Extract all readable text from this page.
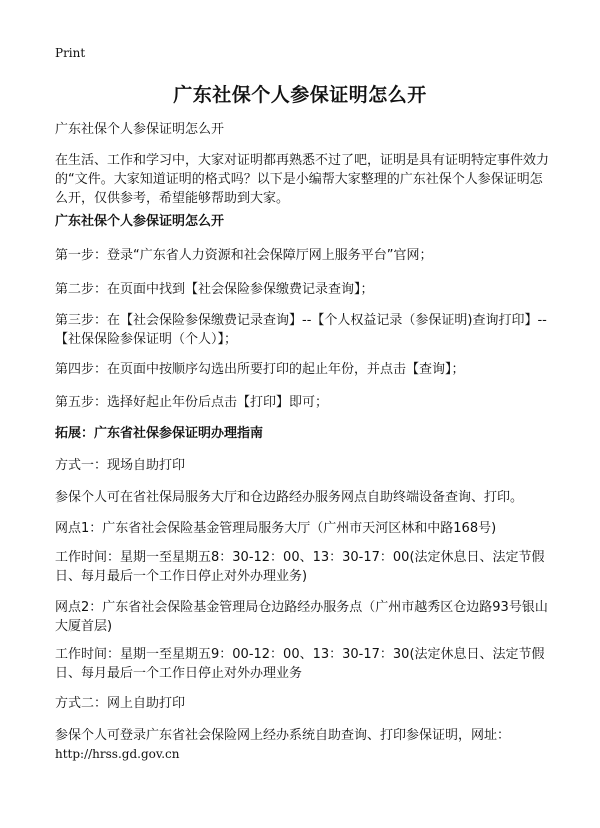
Print
广东社保个人参保证明怎么开
广东社保个人参保证明怎么开
在生活、工作和学习中，大家对证明都再熟悉不过了吧，证明是具有证明特定事件效力的“文件。大家知道证明的格式吗？以下是小编帮大家整理的广东社保个人参保证明怎么开，仅供参考，希望能够帮助到大家。
广东社保个人参保证明怎么开
第一步：登录“广东省人力资源和社会保障厅网上服务平台”官网；
第二步：在页面中找到【社会保险参保缴费记录查询】；
第三步：在【社会保险参保缴费记录查询】--【个人权益记录（参保证明)查询打印】--【社保保险参保证明（个人）】；
第四步：在页面中按顺序勾选出所要打印的起止年份，并点击【查询】；
第五步：选择好起止年份后点击【打印】即可；
拓展：广东省社保参保证明办理指南
方式一：现场自助打印
参保个人可在省社保局服务大厅和仓边路经办服务网点自助终端设备查询、打印。
网点1：广东省社会保险基金管理局服务大厅（广州市天河区林和中路168号)
工作时间：星期一至星期五8：30-12：00、13：30-17：00(法定休息日、法定节假日、每月最后一个工作日停止对外办理业务)
网点2：广东省社会保险基金管理局仓边路经办服务点（广州市越秀区仓边路93号银山大厦首层)
工作时间：星期一至星期五9：00-12：00、13：30-17：30(法定休息日、法定节假日、每月最后一个工作日停止对外办理业务
方式二：网上自助打印
参保个人可登录广东省社会保险网上经办系统自助查询、打印参保证明，网址：
http://hrss.gd.gov.cn
